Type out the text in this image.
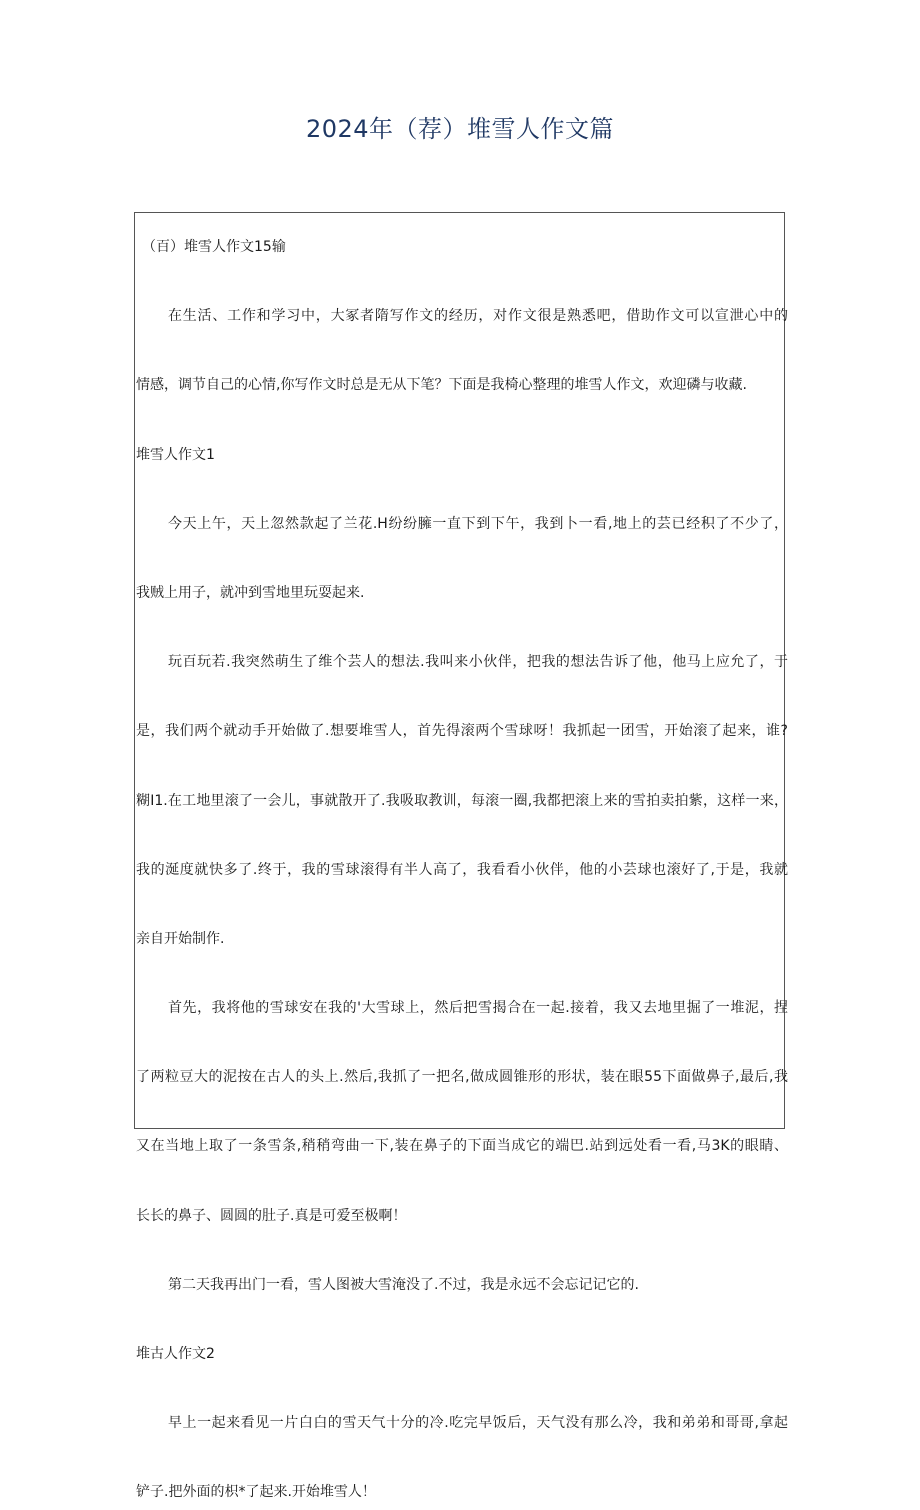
2024年（荐）堆雪人作文篇
（百）堆雪人作文15输
在生活、工作和学习中，大冢者隋写作文的经历，对作文很是熟悉吧，借助作文可以宣泄心中的
情感，调节自己的心情,你写作文时总是无从下笔？下面是我椅心整理的堆雪人作文，欢迎磷与收藏.
堆雪人作文1
今天上午，天上忽然款起了兰花.H纷纷臃一直下到下午，我到卜一看,地上的芸已经积了不少了，
我贼上用子，就冲到雪地里玩耍起来.
玩百玩若.我突然萌生了维个芸人的想法.我叫来小伙伴，把我的想法告诉了他，他马上应允了，于
是，我们两个就动手开始做了.想要堆雪人，首先得滚两个雪球呀！我抓起一团雪，开始滚了起来，谁?
糊I1.在工地里滚了一会儿，事就散开了.我吸取教训，每滚一圈,我都把滚上来的雪拍卖拍紫，这样一来，
我的涎度就快多了.终于，我的雪球滚得有半人高了，我看看小伙伴，他的小芸球也滚好了,于是，我就
亲自开始制作.
首先，我将他的雪球安在我的'大雪球上，然后把雪揭合在一起.接着，我又去地里掘了一堆泥，捏
了两粒豆大的泥按在古人的头上.然后,我抓了一把名,做成圆锥形的形状，装在眼55下面做鼻子,最后,我
又在当地上取了一条雪条,稍稍弯曲一下,装在鼻子的下面当成它的端巴.站到远处看一看,马3K的眼睛、
长长的鼻子、圆圆的肚子.真是可爱至极啊！
第二天我再出门一看，雪人图被大雪淹没了.不过，我是永远不会忘记记它的.
堆古人作文2
早上一起来看见一片白白的雪天气十分的冷.吃完早饭后，天气没有那么冷，我和弟弟和哥哥,拿起
铲子.把外面的枳*了起来.开始堆雪人！
